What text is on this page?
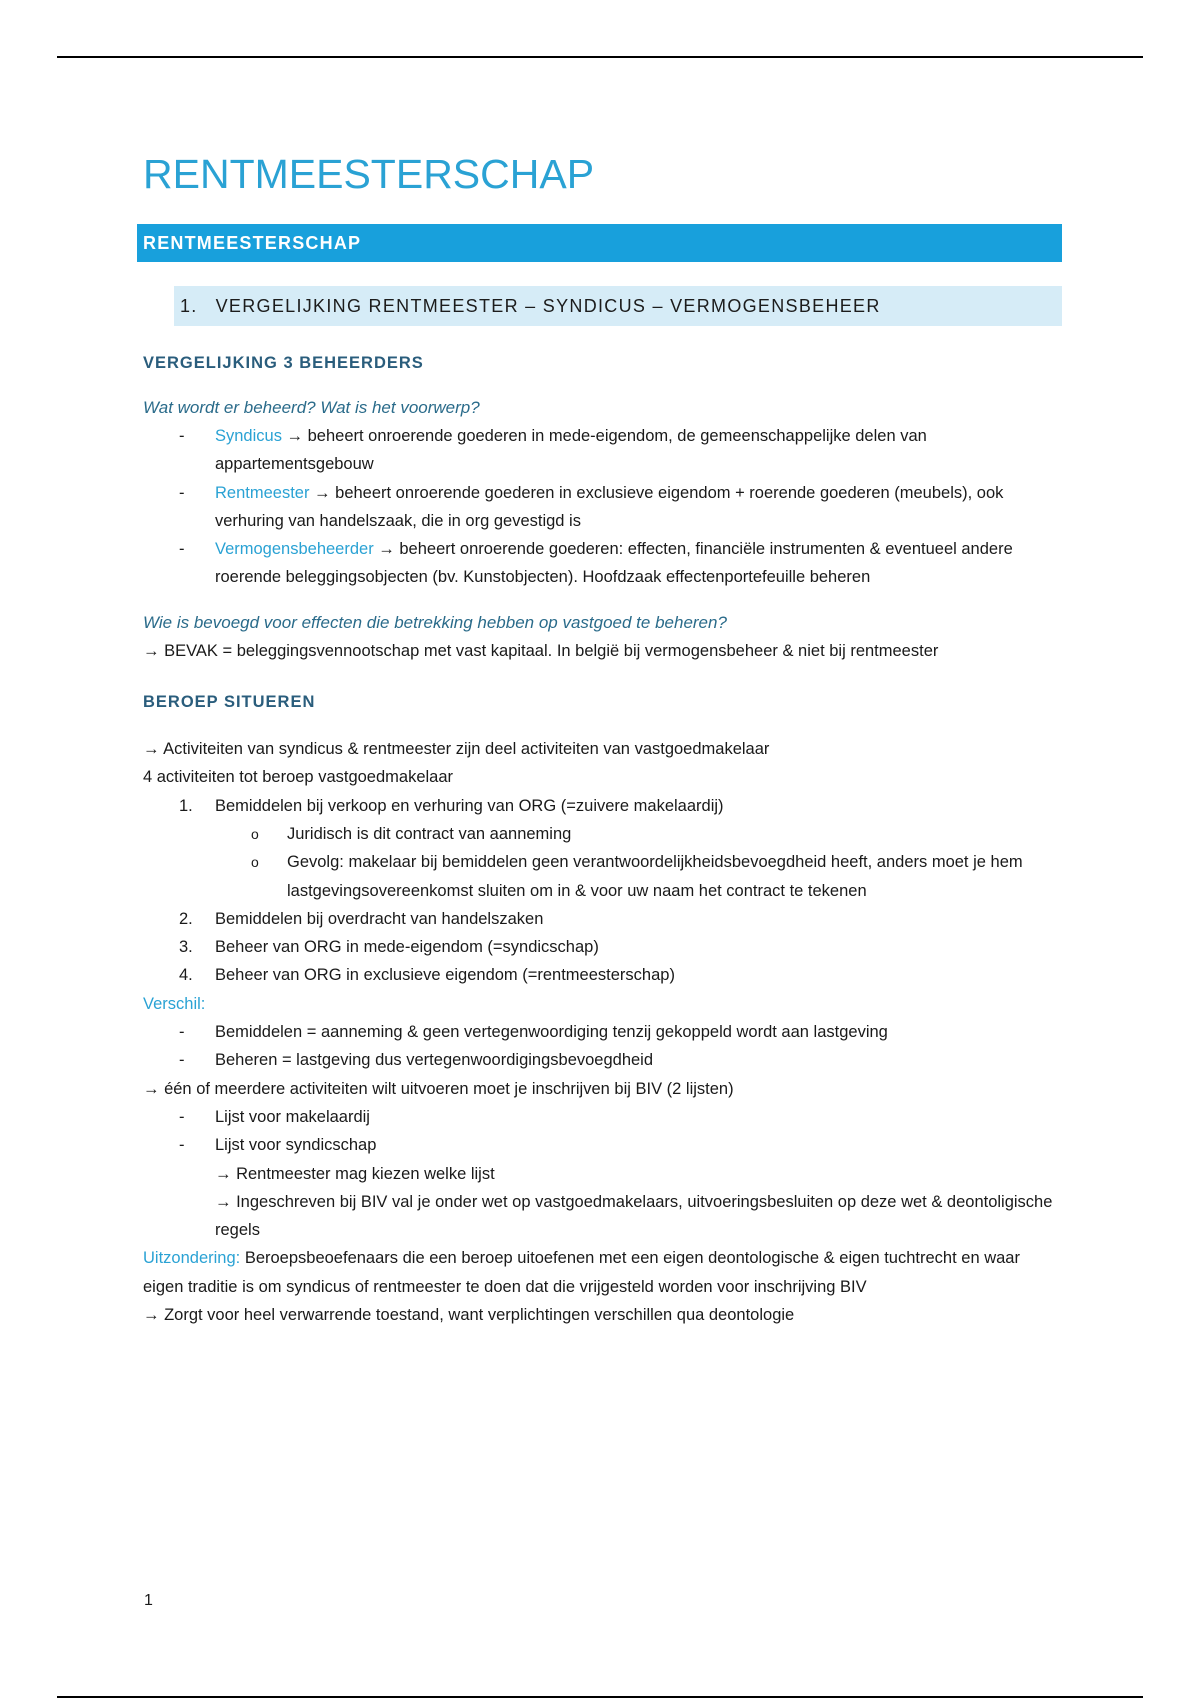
RENTMEESTERSCHAP
RENTMEESTERSCHAP
1. VERGELIJKING RENTMEESTER – SYNDICUS – VERMOGENSBEHEER
VERGELIJKING 3 BEHEERDERS
Wat wordt er beheerd? Wat is het voorwerp?
- Syndicus → beheert onroerende goederen in mede-eigendom, de gemeenschappelijke delen van appartementsgebouw
- Rentmeester → beheert onroerende goederen in exclusieve eigendom + roerende goederen (meubels), ook verhuring van handelszaak, die in org gevestigd is
- Vermogensbeheerder → beheert onroerende goederen: effecten, financiële instrumenten & eventueel andere roerende beleggingsobjecten (bv. Kunstobjecten). Hoofdzaak effectenportefeuille beheren
Wie is bevoegd voor effecten die betrekking hebben op vastgoed te beheren?

→ BEVAK = beleggingsvennootschap met vast kapitaal. In belgië bij vermogensbeheer & niet bij rentmeester

BEROEP SITUEREN

→ Activiteiten van syndicus & rentmeester zijn deel activiteiten van vastgoedmakelaar

4 activiteiten tot beroep vastgoedmakelaar

1. Bemiddelen bij verkoop en verhuring van ORG (=zuivere makelaardij)
o Juridisch is dit contract van aanneming
o Gevolg: makelaar bij bemiddelen geen verantwoordelijkheidsbevoegdheid heeft, anders moet je hem lastgevingsovereenkomst sluiten om in & voor uw naam het contract te tekenen
2. Bemiddelen bij overdracht van handelszaken
3. Beheer van ORG in mede-eigendom (=syndicschap)
4. Beheer van ORG in exclusieve eigendom (=rentmeesterschap)

Verschil:

- Bemiddelen = aanneming & geen vertegenwoordiging tenzij gekoppeld wordt aan lastgeving
- Beheren = lastgeving dus vertegenwoordigingsbevoegdheid

→ één of meerdere activiteiten wilt uitvoeren moet je inschrijven bij BIV (2 lijsten)

- Lijst voor makelaardij
- Lijst voor syndicschap
→ Rentmeester mag kiezen welke lijst
→ Ingeschreven bij BIV val je onder wet op vastgoedmakelaars, uitvoeringsbesluiten op deze wet & deontoligische regels

Uitzondering: Beroepsbeoefenaars die een beroep uitoefenen met een eigen deontologische & eigen tuchtrecht en waar eigen traditie is om syndicus of rentmeester te doen dat die vrijgesteld worden voor inschrijving BIV

→ Zorgt voor heel verwarrende toestand, want verplichtingen verschillen qua deontologie

1
